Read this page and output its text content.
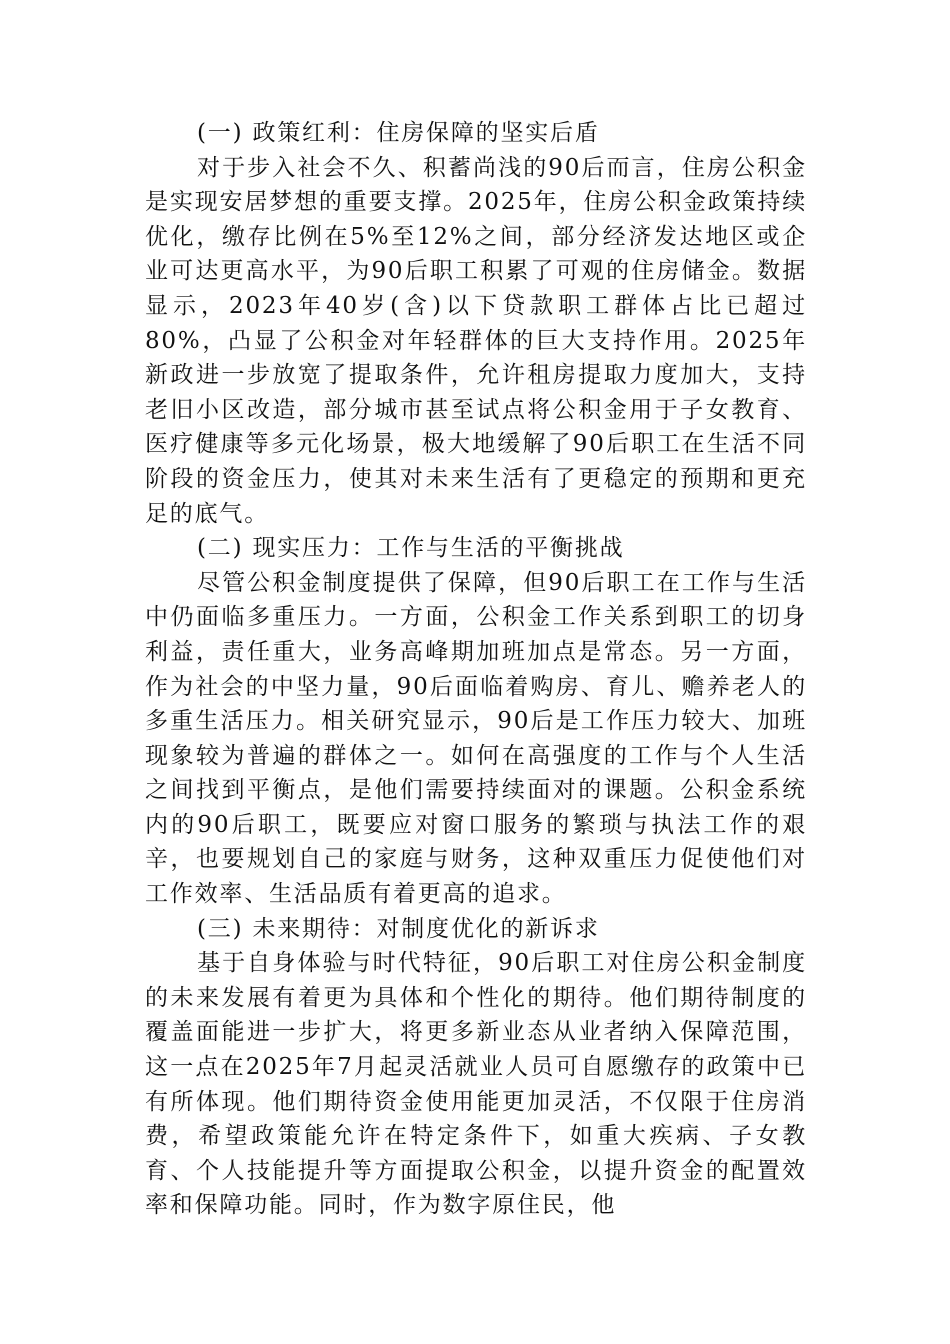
(一) 政策红利：住房保障的坚实后盾

对于步入社会不久、积蓄尚浅的90后而言，住房公积金是实现安居梦想的重要支撑。2025年，住房公积金政策持续优化，缴存比例在5%至12%之间，部分经济发达地区或企业可达更高水平，为90后职工积累了可观的住房储金。数据显示，2023年40岁(含)以下贷款职工群体占比已超过80%，凸显了公积金对年轻群体的巨大支持作用。2025年新政进一步放宽了提取条件，允许租房提取力度加大，支持老旧小区改造，部分城市甚至试点将公积金用于子女教育、医疗健康等多元化场景，极大地缓解了90后职工在生活不同阶段的资金压力，使其对未来生活有了更稳定的预期和更充足的底气。

(二) 现实压力：工作与生活的平衡挑战

尽管公积金制度提供了保障，但90后职工在工作与生活中仍面临多重压力。一方面，公积金工作关系到职工的切身利益，责任重大，业务高峰期加班加点是常态。另一方面，作为社会的中坚力量，90后面临着购房、育儿、赡养老人的多重生活压力。相关研究显示，90后是工作压力较大、加班现象较为普遍的群体之一。如何在高强度的工作与个人生活之间找到平衡点，是他们需要持续面对的课题。公积金系统内的90后职工，既要应对窗口服务的繁琐与执法工作的艰辛，也要规划自己的家庭与财务，这种双重压力促使他们对工作效率、生活品质有着更高的追求。

(三) 未来期待：对制度优化的新诉求

基于自身体验与时代特征，90后职工对住房公积金制度的未来发展有着更为具体和个性化的期待。他们期待制度的覆盖面能进一步扩大，将更多新业态从业者纳入保障范围，这一点在2025年7月起灵活就业人员可自愿缴存的政策中已有所体现。他们期待资金使用能更加灵活，不仅限于住房消费，希望政策能允许在特定条件下，如重大疾病、子女教育、个人技能提升等方面提取公积金，以提升资金的配置效率和保障功能。同时，作为数字原住民，他
